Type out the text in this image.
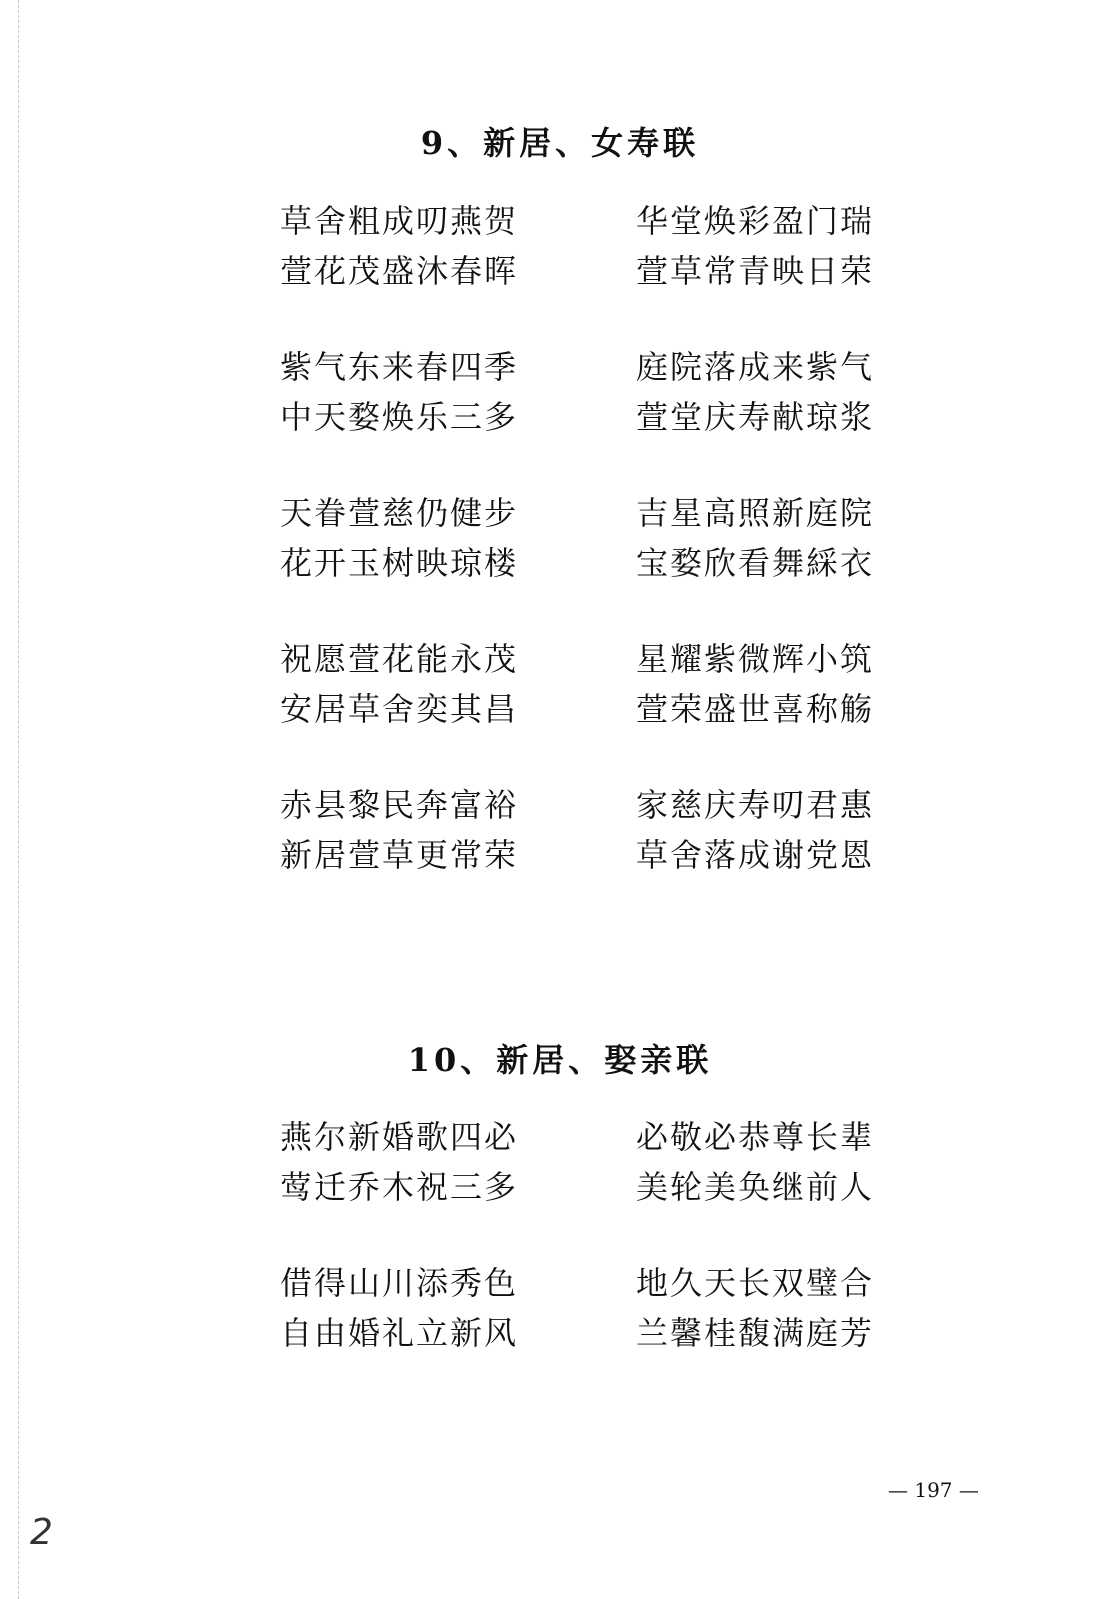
9、新居、女寿联
草舍粗成叨燕贺
萱花茂盛沐春晖
华堂焕彩盈门瑞
萱草常青映日荣
紫气东来春四季
中天婺焕乐三多
庭院落成来紫气
萱堂庆寿献琼浆
天眷萱慈仍健步
花开玉树映琼楼
吉星高照新庭院
宝婺欣看舞綵衣
祝愿萱花能永茂
安居草舍奕其昌
星耀紫微辉小筑
萱荣盛世喜称觞
赤县黎民奔富裕
新居萱草更常荣
家慈庆寿叨君惠
草舍落成谢党恩
10、新居、娶亲联
燕尔新婚歌四必
莺迁乔木祝三多
必敬必恭尊长辈
美轮美奂继前人
借得山川添秀色
自由婚礼立新风
地久天长双璧合
兰馨桂馥满庭芳
— 197 —
2
